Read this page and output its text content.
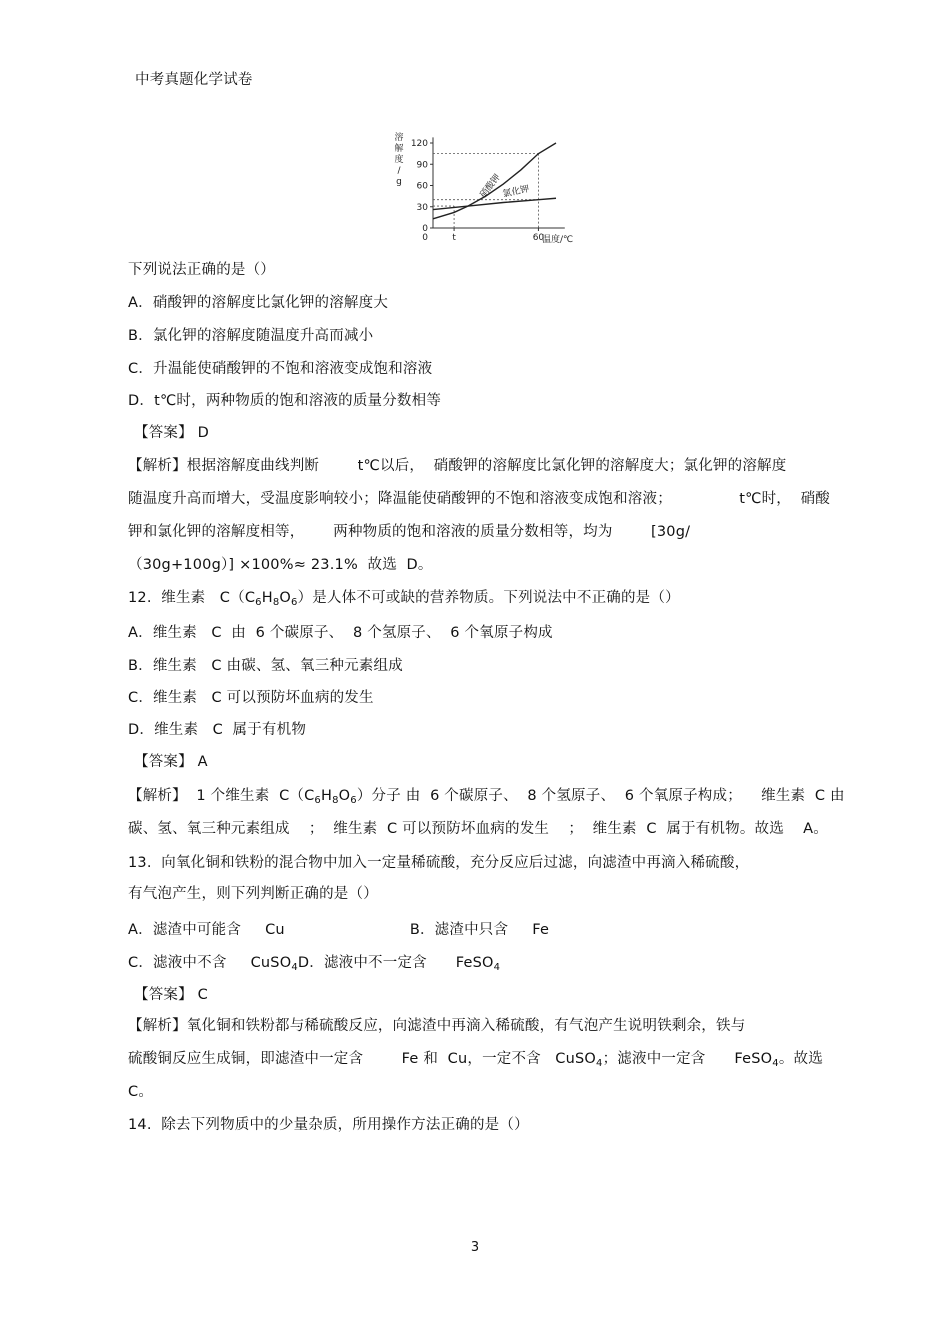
中考真题化学试卷
0
30
60
90
120
0	t	60
硝酸钾
氯化钾
溶
解
度
/
g
温度/℃
下列说法正确的是（）
A．硝酸钾的溶解度比氯化钾的溶解度大
B．氯化钾的溶解度随温度升高而减小
C．升温能使硝酸钾的不饱和溶液变成饱和溶液
D．t℃时，两种物质的饱和溶液的质量分数相等
【答案】 D
【解析】根据溶解度曲线判断        t℃以后，  硝酸钾的溶解度比氯化钾的溶解度大；氯化钾的溶解度
随温度升高而增大，受温度影响较小；降温能使硝酸钾的不饱和溶液变成饱和溶液；              t℃时，  硝酸
钾和氯化钾的溶解度相等，      两种物质的饱和溶液的质量分数相等，均为        [30g/
（30g+100g）] ×100%≈ 23.1%  故选  D。
12.  维生素   $C(C_6H_8O_6)$是人体不可或缺的营养物质。下列说法中不正确的是（）
A．维生素   C  由  6 个碳原子、  8 个氢原子、  6 个氧原子构成
B．维生素   C 由碳、氢、氧三种元素组成
C．维生素   C 可以预防坏血病的发生
D．维生素   C  属于有机物
【答案】 A
【解析】  1 个维生素  $C(C_6H_8O_6)$分子 由  6 个碳原子、  8 个氢原子、  6 个氧原子构成；    维生素  C 由
碳、氢、氧三种元素组成    ；  维生素  C 可以预防坏血病的发生    ；  维生素  C  属于有机物。故选    A。
13.  向氧化铜和铁粉的混合物中加入一定量稀硫酸，充分反应后过滤，向滤渣中再滴入稀硫酸，
有气泡产生，则下列判断正确的是（）
A．滤渣中可能含     Cu                          B．滤渣中只含     Fe
C．滤液中不含     CuSO$_4$D．滤液中不一定含      FeSO$_4$
【答案】 C
【解析】氧化铜和铁粉都与稀硫酸反应，向滤渣中再滴入稀硫酸，有气泡产生说明铁剩余，铁与
硫酸铜反应生成铜，即滤渣中一定含        Fe 和  Cu，一定不含   CuSO$_4$；滤液中一定含      FeSO$_4$。故选
C。
14.  除去下列物质中的少量杂质，所用操作方法正确的是（）
3
